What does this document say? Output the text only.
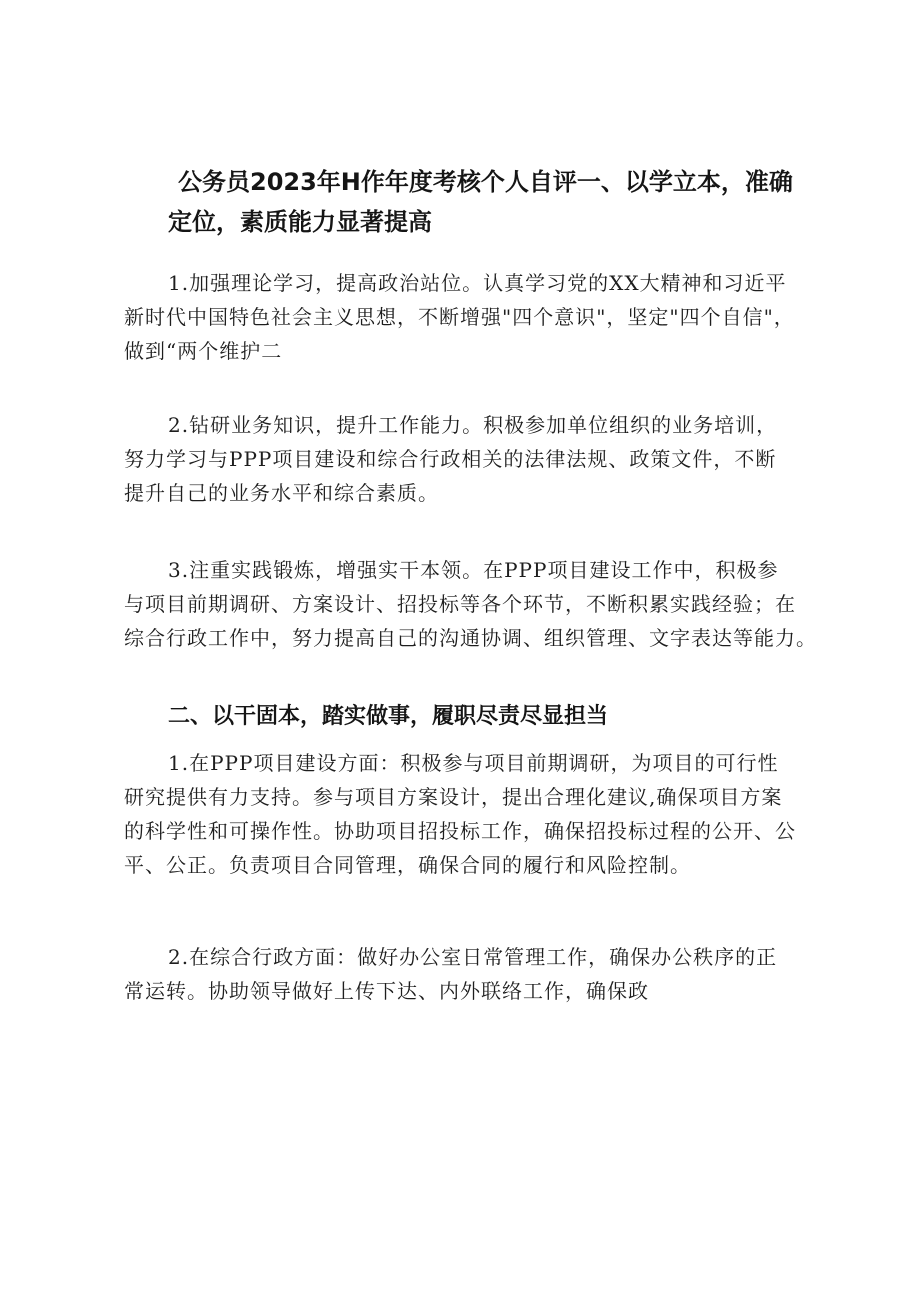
公务员2023年H作年度考核个人自评一、以学立本，准确
定位，素质能力显著提高

1.加强理论学习，提高政治站位。认真学习党的XX大精神和习近平
新时代中国特色社会主义思想，不断增强"四个意识"，坚定"四个自信"，
做到“两个维护二

2.钻研业务知识，提升工作能力。积极参加单位组织的业务培训，
努力学习与PPP项目建设和综合行政相关的法律法规、政策文件，不断
提升自己的业务水平和综合素质。

3.注重实践锻炼，增强实干本领。在PPP项目建设工作中，积极参
与项目前期调研、方案设计、招投标等各个环节，不断积累实践经验；在
综合行政工作中，努力提高自己的沟通协调、组织管理、文字表达等能力。

二、以干固本，踏实做事，履职尽责尽显担当

1.在PPP项目建设方面：积极参与项目前期调研，为项目的可行性
研究提供有力支持。参与项目方案设计，提出合理化建议,确保项目方案
的科学性和可操作性。协助项目招投标工作，确保招投标过程的公开、公
平、公正。负责项目合同管理，确保合同的履行和风险控制。

2.在综合行政方面：做好办公室日常管理工作，确保办公秩序的正
常运转。协助领导做好上传下达、内外联络工作，确保政
